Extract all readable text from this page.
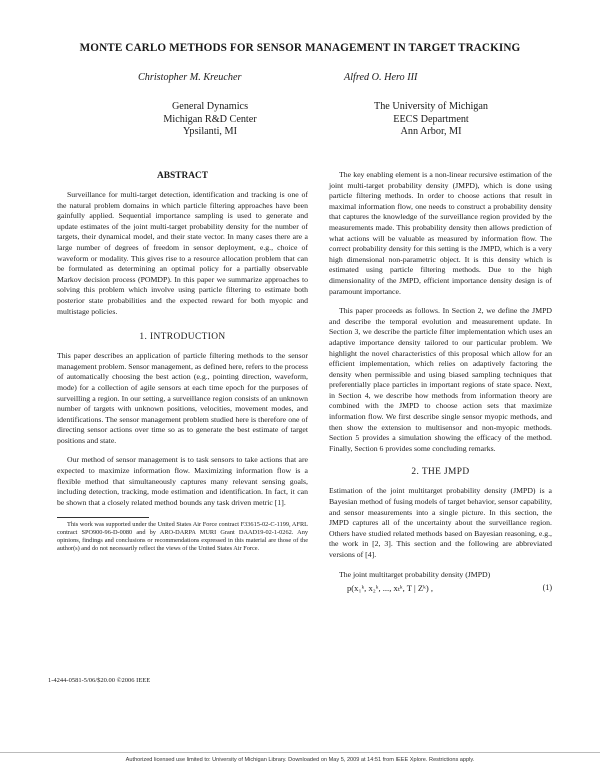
MONTE CARLO METHODS FOR SENSOR MANAGEMENT IN TARGET TRACKING
Christopher M. Kreucher	Alfred O. Hero III
General Dynamics
Michigan R&D Center
Ypsilanti, MI
The University of Michigan
EECS Department
Ann Arbor, MI
ABSTRACT

Surveillance for multi-target detection, identification and tracking is one of the natural problem domains in which particle filtering approaches have been gainfully applied. Sequential importance sampling is used to generate and update estimates of the joint multi-target probability density for the number of targets, their dynamical model, and their state vector. In many cases there are a large number of degrees of freedom in sensor deployment, e.g., choice of waveform or modality. This gives rise to a resource allocation problem that can be formulated as determining an optimal policy for a partially observable Markov decision process (POMDP). In this paper we summarize approaches to solving this problem which involve using particle filtering to estimate both posterior state probabilities and the expected reward for both myopic and multistage policies.

1. INTRODUCTION

This paper describes an application of particle filtering methods to the sensor management problem. Sensor management, as defined here, refers to the process of automatically choosing the best action (e.g., pointing direction, waveform, mode) for a collection of agile sensors at each time epoch for the purposes of surveilling a region. In our setting, a surveillance region consists of an unknown number of targets with unknown positions, velocities, movement modes, and identifications. The sensor management problem studied here is therefore one of directing sensor actions over time so as to generate the best estimate of target positions and state.

Our method of sensor management is to task sensors to take actions that are expected to maximize information flow. Maximizing information flow is a flexible method that simultaneously captures many relevant sensing goals, including detection, tracking, mode estimation and identification. In fact, it can be shown that a closely related method bounds any task driven metric [1].

This work was supported under the United States Air Force contract F33615-02-C-1199, AFRL contract SPO900-96-D-0080 and by ARO-DARPA MURI Grant DAAD19-02-1-0262. Any opinions, findings and conclusions or recommendations expressed in this material are those of the author(s) and do not necessarily reflect the views of the United States Air Force.

The key enabling element is a non-linear recursive estimation of the joint multi-target probability density (JMPD), which is done using particle filtering methods. In order to choose actions that result in maximal information flow, one needs to construct a probability density that captures the knowledge of the surveillance region provided by the measurements made. This probability density then allows prediction of what actions will be valuable as measured by information flow. The correct probability density for this setting is the JMPD, which is a very high dimensional non-parametric object. It is this density which is estimated using particle filtering methods. Due to the high dimensionality of the JMPD, efficient importance density design is of paramount importance.

This paper proceeds as follows. In Section 2, we define the JMPD and describe the temporal evolution and measurement update. In Section 3, we describe the particle filter implementation which uses an adaptive importance density tailored to our particular problem. We highlight the novel characteristics of this proposal which allow for an efficient implementation, which relies on adaptively factoring the density when permissible and using biased sampling techniques that preferentially place particles in important regions of state space. Next, in Section 4, we describe how methods from information theory are combined with the JMPD to choose action sets that maximize information flow. We first describe single sensor myopic methods, and then show the extension to multisensor and non-myopic methods. Section 5 provides a simulation showing the efficacy of the method. Finally, Section 6 provides some concluding remarks.

2. THE JMPD

Estimation of the joint multitarget probability density (JMPD) is a Bayesian method of fusing models of target behavior, sensor capability, and sensor measurements into a single picture. In this section, the JMPD captures all of the uncertainty about the surveillance region. Others have studied related methods based on Bayesian reasoning, e.g., the work in [2, 3]. This section and the following are abbreviated versions of [4].

The joint multitarget probability density (JMPD)

p(x₁ᵏ, x₂ᵏ, ..., xₜᵏ, T | Zᵏ) ,	(1)
1-4244-0581-5/06/$20.00 ©2006 IEEE
Authorized licensed use limited to: University of Michigan Library. Downloaded on May 5, 2009 at 14:51 from IEEE Xplore. Restrictions apply.
